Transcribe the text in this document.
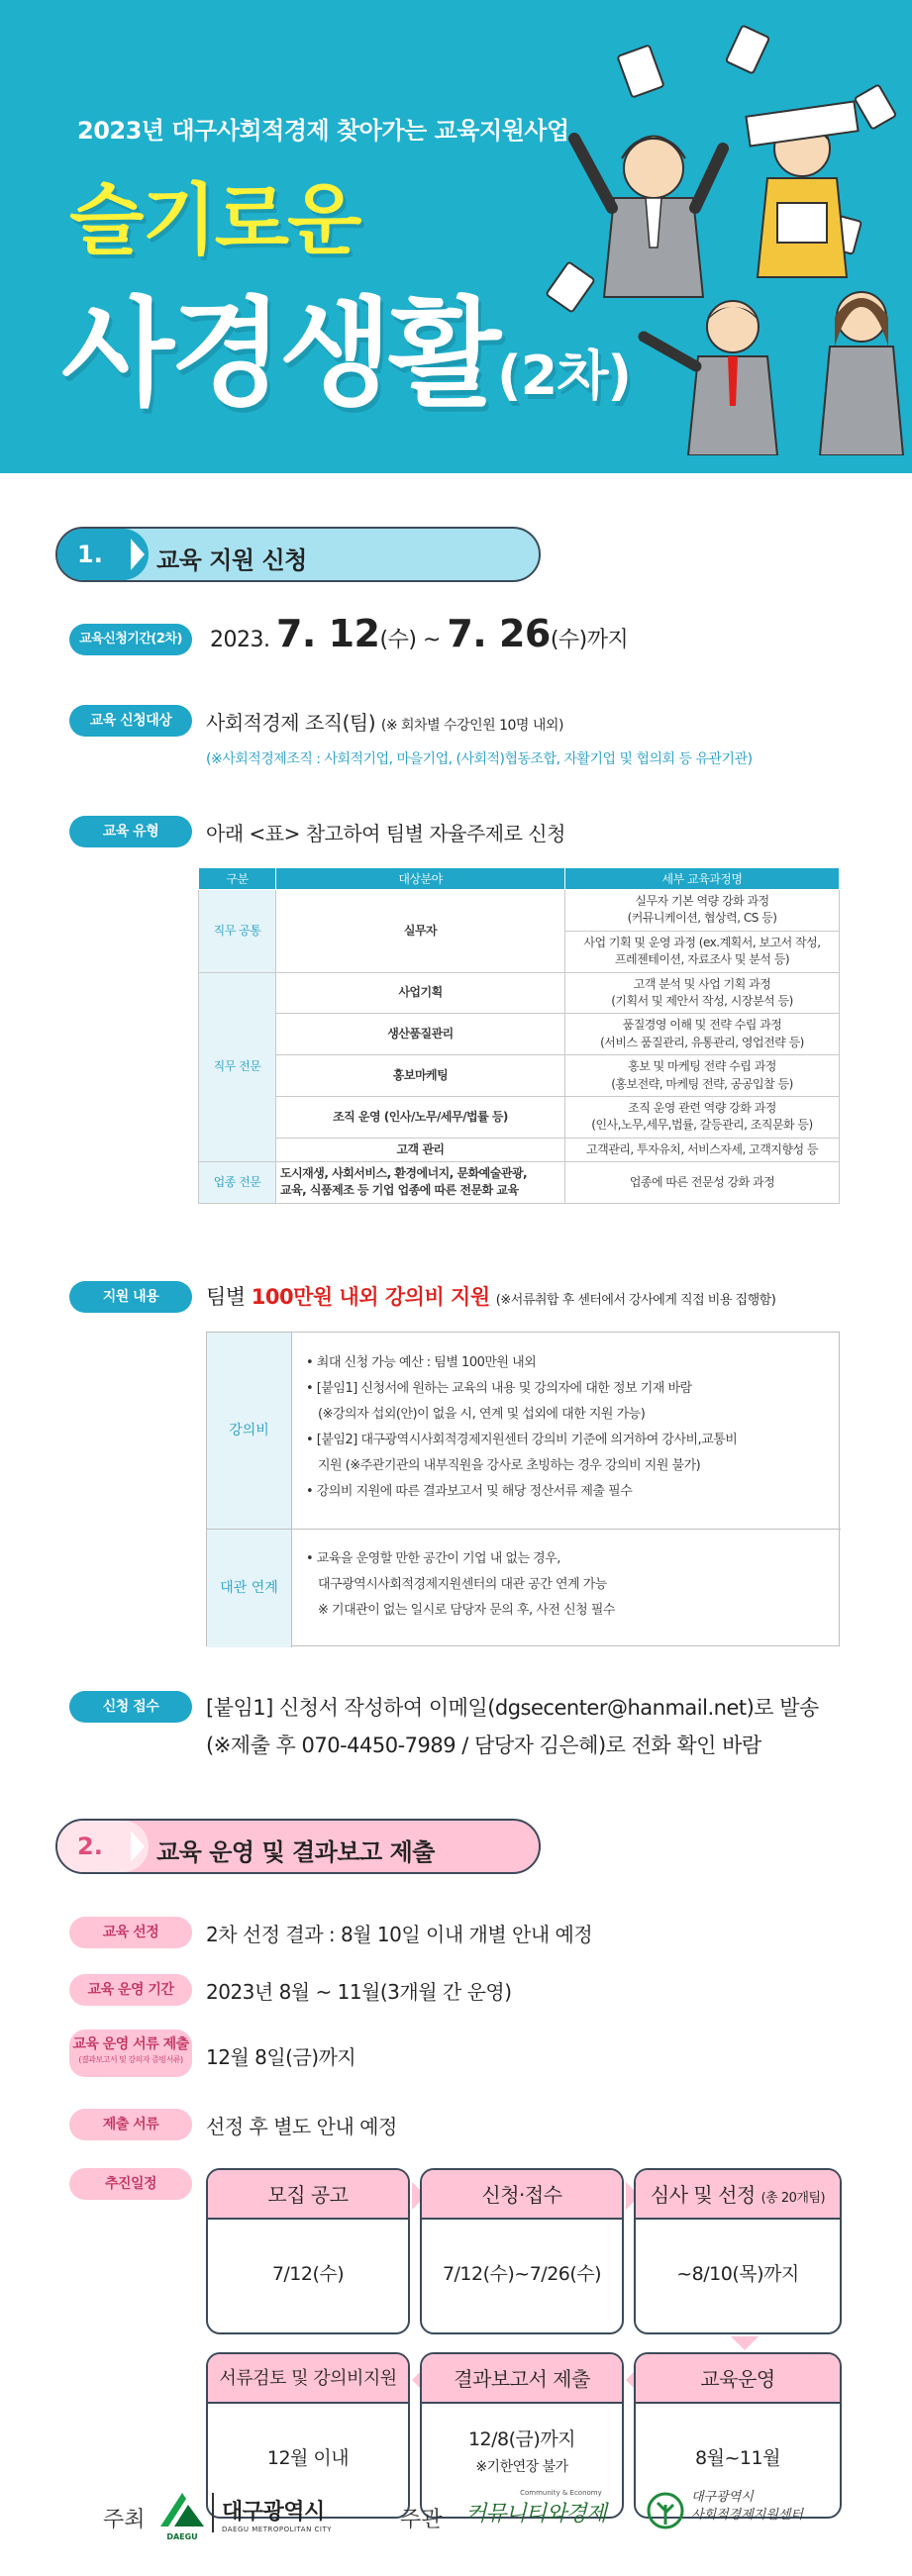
2023년 대구사회적경제 찾아가는 교육지원사업
슬기로운
사경생활(2차)
1. 교육 지원 신청
교육신청기간(2차)	2023. 7. 12(수) ~ 7. 26(수)까지
교육 신청대상	사회적경제 조직(팀) (※ 회차별 수강인원 10명 내외)
(※사회적경제조직 : 사회적기업, 마을기업, (사회적)협동조합, 자활기업 및 협의회 등 유관기관)
교육 유형	아래 <표> 참고하여 팀별 자율주제로 신청
구분	대상분야	세부 교육과정명
직무 공통	실무자	실무자 기본 역량 강화 과정
(커뮤니케이션, 협상력, CS 등)
		사업 기획 및 운영 과정 (ex.계획서, 보고서 작성,
프레젠테이션, 자료조사 및 분석 등)
직무 전문	사업기획	고객 분석 및 사업 기획 과정
(기획서 및 제안서 작성, 시장분석 등)
	생산품질관리	품질경영 이해 및 전략 수립 과정
(서비스 품질관리, 유통관리, 영업전략 등)
	홍보마케팅	홍보 및 마케팅 전략 수립 과정
(홍보전략, 마케팅 전략, 공공입찰 등)
	조직 운영 (인사/노무/세무/법률 등)	조직 운영 관련 역량 강화 과정
(인사,노무,세무,법률, 갈등관리, 조직문화 등)
	고객 관리	고객관리, 투자유치, 서비스자세, 고객지향성 등
업종 전문	도시재생, 사회서비스, 환경에너지, 문화예술관광,
교육, 식품제조 등 기업 업종에 따른 전문화 교육	업종에 따른 전문성 강화 과정
지원 내용	팀별 100만원 내외 강의비 지원 (※서류취합 후 센터에서 강사에게 직접 비용 집행함)
강의비
• 최대 신청 가능 예산 : 팀별 100만원 내외
• [붙임1] 신청서에 원하는 교육의 내용 및 강의자에 대한 정보 기재 바람
(※강의자 섭외(안)이 없을 시, 연계 및 섭외에 대한 지원 가능)
• [붙임2] 대구광역시사회적경제지원센터 강의비 기준에 의거하여 강사비,교통비
지원 (※주관기관의 내부직원을 강사로 초빙하는 경우 강의비 지원 불가)
• 강의비 지원에 따른 결과보고서 및 해당 정산서류 제출 필수
대관 연계
• 교육을 운영할 만한 공간이 기업 내 없는 경우,
대구광역시사회적경제지원센터의 대관 공간 연계 가능
※ 기대관이 없는 일시로 담당자 문의 후, 사전 신청 필수
신청 접수	[붙임1] 신청서 작성하여 이메일(dgsecenter@hanmail.net)로 발송
(※제출 후 070-4450-7989 / 담당자 김은혜)로 전화 확인 바람
2. 교육 운영 및 결과보고 제출
교육 선정	2차 선정 결과 : 8월 10일 이내 개별 안내 예정
교육 운영 기간	2023년 8월 ~ 11월(3개월 간 운영)
교육 운영 서류 제출
(결과보고서 및 강의자 증빙서류)	12월 8일(금)까지
제출 서류	선정 후 별도 안내 예정
추진일정	모집 공고
7/12(수)
신청·접수
7/12(수)~7/26(수)
심사 및 선정 (총 20개팀)
~8/10(목)까지
서류검토 및 강의비지원
12월 이내
결과보고서 제출
12/8(금)까지
※기한연장 불가
교육운영
8월~11월
주최
DAEGU
대구광역시
DAEGU METROPOLITAN CITY	주관
Community & Economy
커뮤니티와경제
대구광역시
사회적경제지원센터
